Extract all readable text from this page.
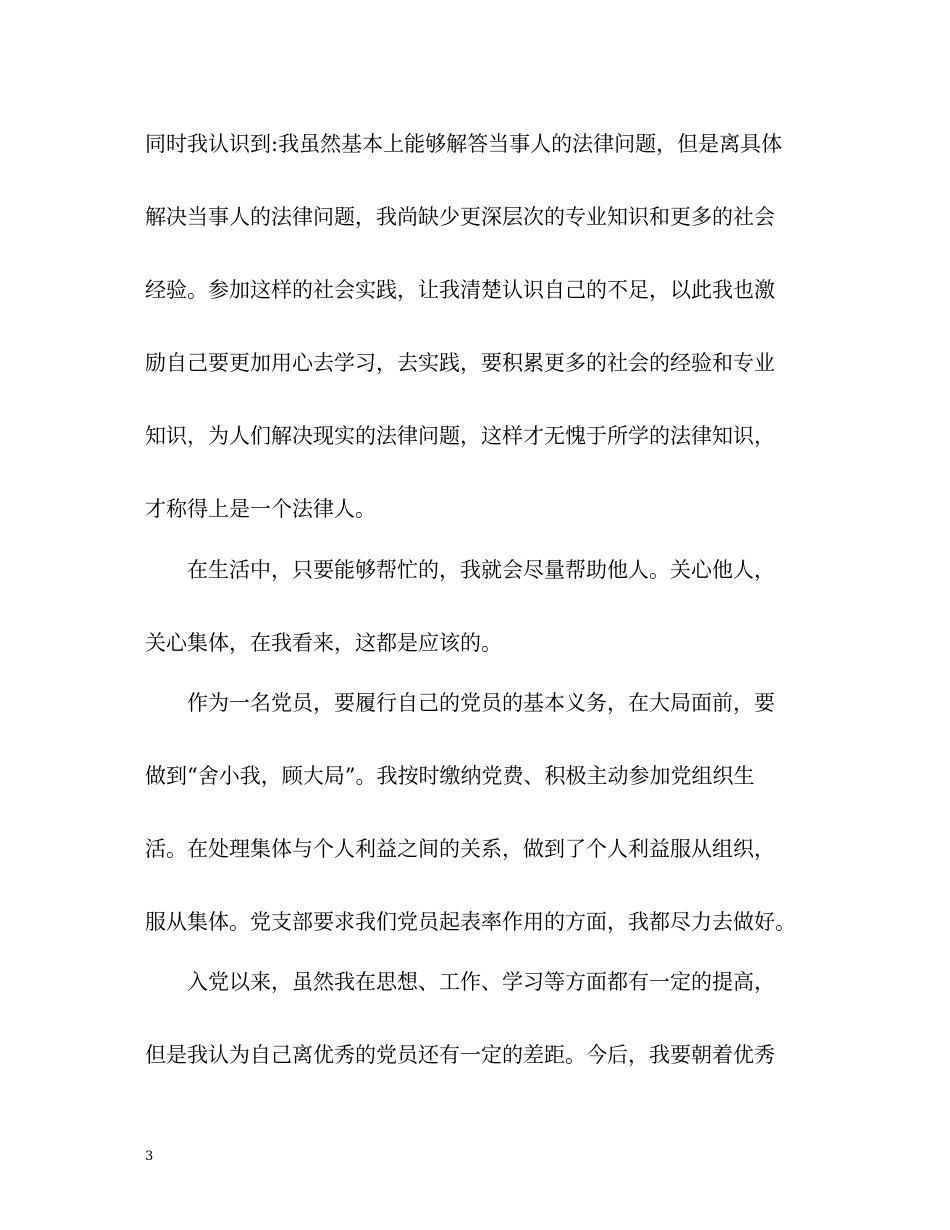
同时我认识到:我虽然基本上能够解答当事人的法律问题，但是离具体
解决当事人的法律问题，我尚缺少更深层次的专业知识和更多的社会
经验。参加这样的社会实践，让我清楚认识自己的不足，以此我也激
励自己要更加用心去学习，去实践，要积累更多的社会的经验和专业
知识，为人们解决现实的法律问题，这样才无愧于所学的法律知识，
才称得上是一个法律人。
在生活中，只要能够帮忙的，我就会尽量帮助他人。关心他人，
关心集体，在我看来，这都是应该的。
作为一名党员，要履行自己的党员的基本义务，在大局面前，要
做到“舍小我，顾大局”。我按时缴纳党费、积极主动参加党组织生
活。在处理集体与个人利益之间的关系，做到了个人利益服从组织，
服从集体。党支部要求我们党员起表率作用的方面，我都尽力去做好。
入党以来，虽然我在思想、工作、学习等方面都有一定的提高，
但是我认为自己离优秀的党员还有一定的差距。今后，我要朝着优秀
3
